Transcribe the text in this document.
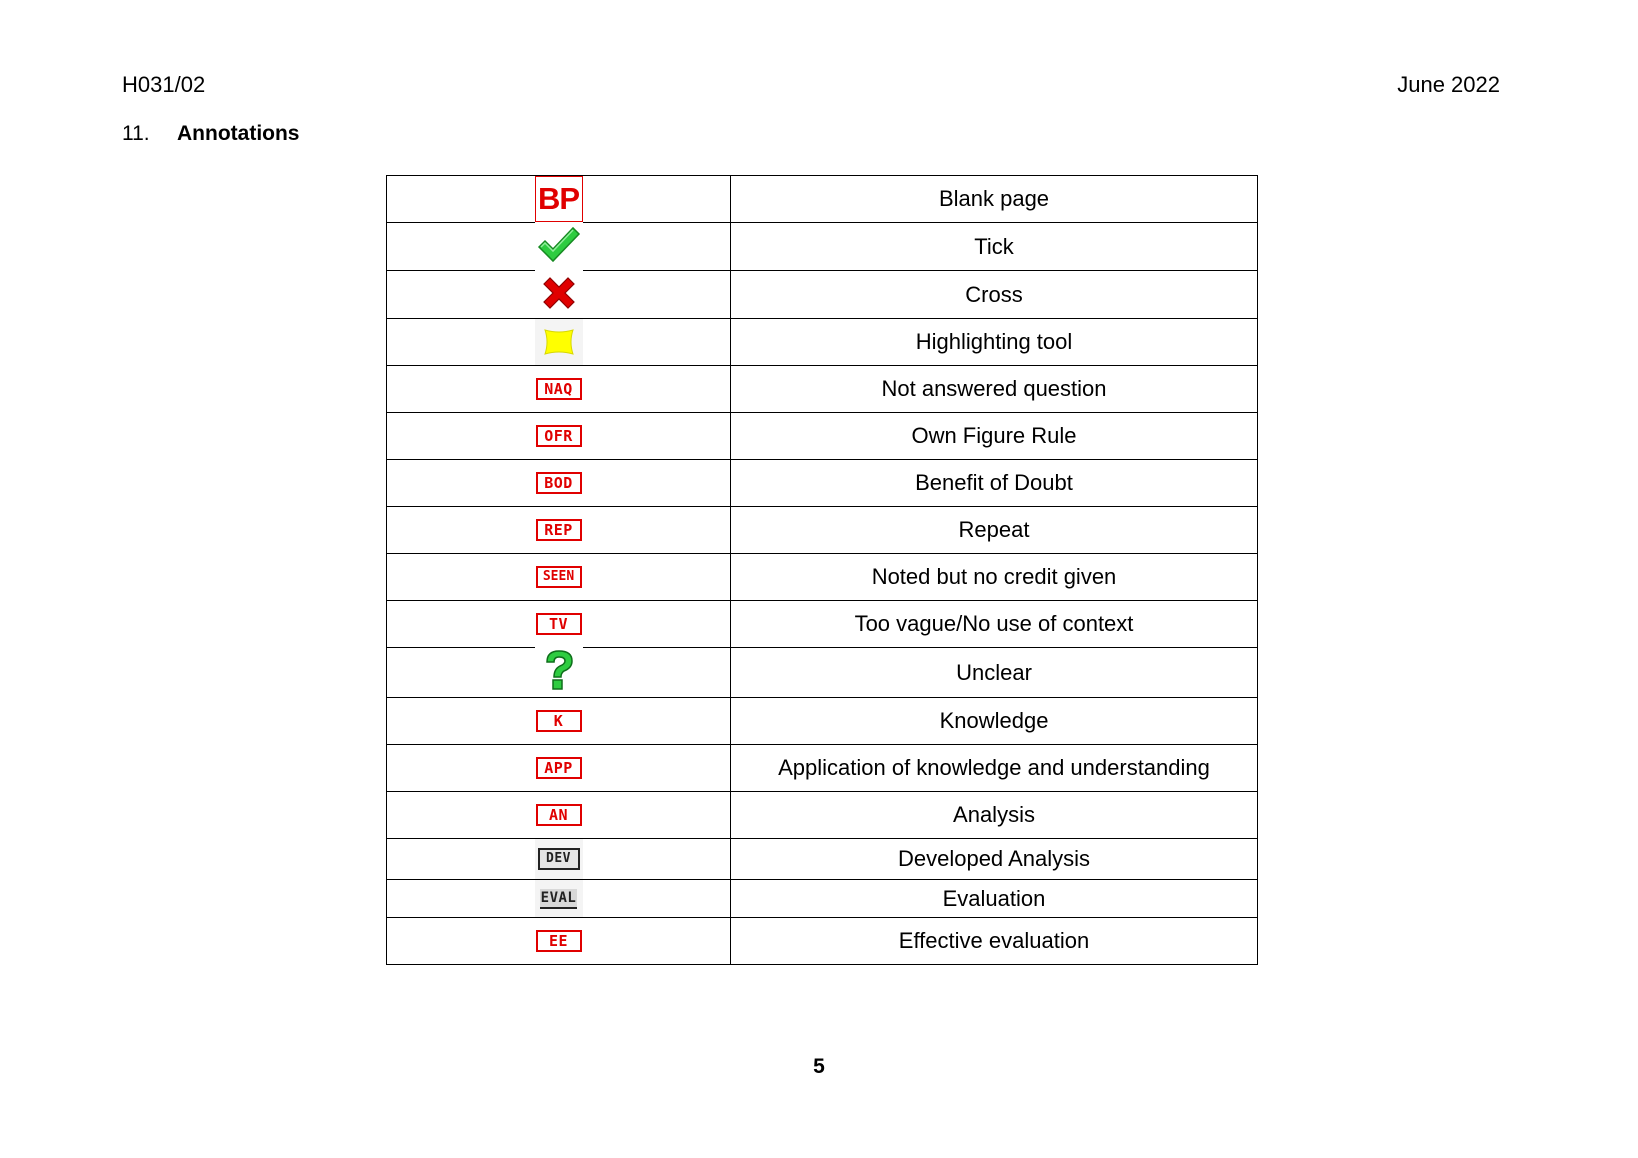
H031/02	June 2022
11. Annotations
BP	Blank page

	Tick

	Cross

	Highlighting tool
NAQ	Not answered question
OFR	Own Figure Rule
BOD	Benefit of Doubt
REP	Repeat
SEEN	Noted but no credit given
TV	Too vague/No use of context

	Unclear
K	Knowledge
APP	Application of knowledge and understanding
AN	Analysis

DEV	Developed Analysis

EVAL	Evaluation
EE	Effective evaluation
5
